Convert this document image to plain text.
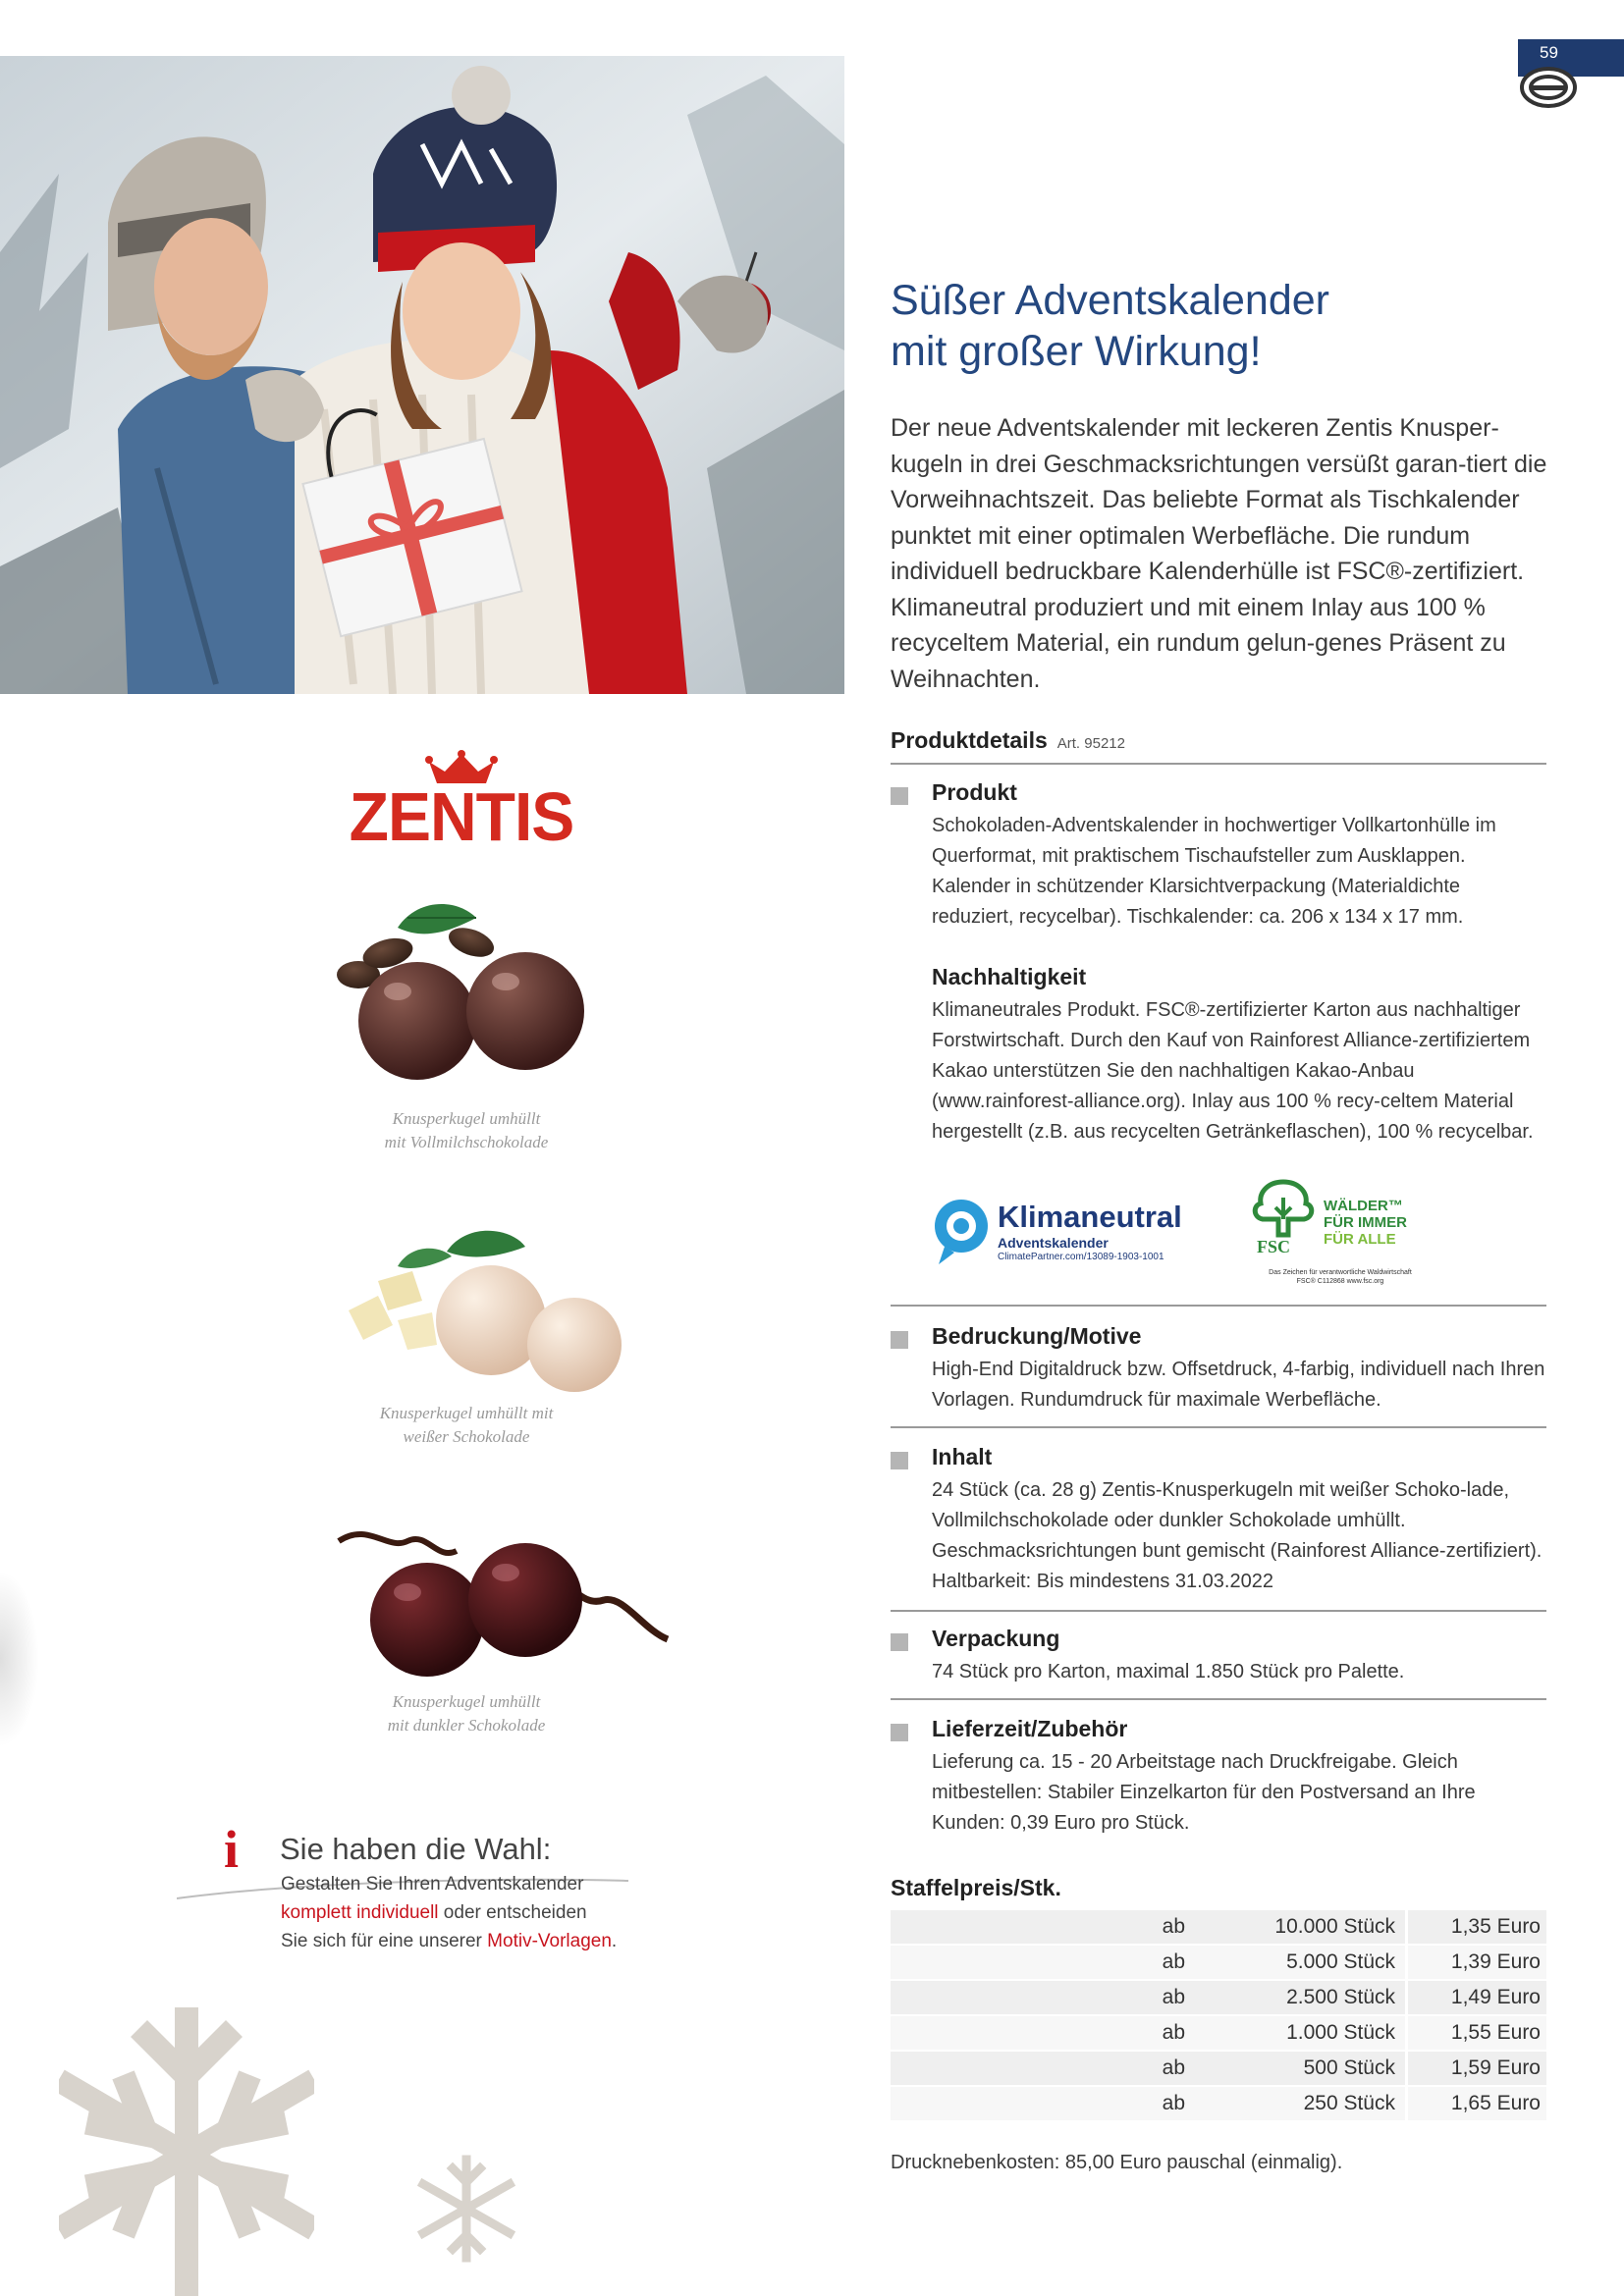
59
Süßer Adventskalender
mit großer Wirkung!

Der neue Adventskalender mit leckeren Zentis Knusper-kugeln in drei Geschmacksrichtungen versüßt garan-tiert die Vorweihnachtszeit. Das beliebte Format als Tischkalender punktet mit einer optimalen Werbefläche. Die rundum individuell bedruckbare Kalenderhülle ist FSC®-zertifiziert. Klimaneutral produziert und mit einem Inlay aus 100 % recyceltem Material, ein rundum gelun-genes Präsent zu Weihnachten.

Produktdetails Art. 95212
Produkt
Schokoladen-Adventskalender in hochwertiger Vollkartonhülle im Querformat, mit praktischem Tischaufsteller zum Ausklappen. Kalender in schützender Klarsichtverpackung (Materialdichte reduziert, recycelbar). Tischkalender: ca. 206 x 134 x 17 mm.
Nachhaltigkeit
Klimaneutrales Produkt. FSC®-zertifizierter Karton aus nachhaltiger Forstwirtschaft. Durch den Kauf von Rainforest Alliance-zertifiziertem Kakao unterstützen Sie den nachhaltigen Kakao-Anbau (www.rainforest-alliance.org). Inlay aus 100 % recy-celtem Material hergestellt (z.B. aus recycelten Getränkeflaschen), 100 % recycelbar.
Klimaneutral
Adventskalender
ClimatePartner.com/13089-1903-1001
WÄLDER™
FÜR IMMER
FÜR ALLE
FSC
Das Zeichen für verantwortliche Waldwirtschaft
FSC® C112868 www.fsc.org
Bedruckung/Motive
High-End Digitaldruck bzw. Offsetdruck, 4-farbig, individuell nach Ihren Vorlagen. Rundumdruck für maximale Werbefläche.
Inhalt
24 Stück (ca. 28 g) Zentis-Knusperkugeln mit weißer Schoko-lade, Vollmilchschokolade oder dunkler Schokolade umhüllt. Geschmacksrichtungen bunt gemischt (Rainforest Alliance-zertifiziert). Haltbarkeit: Bis mindestens 31.03.2022
Verpackung
74 Stück pro Karton, maximal 1.850 Stück pro Palette.
Lieferzeit/Zubehör
Lieferung ca. 15 - 20 Arbeitstage nach Druckfreigabe. Gleich mitbestellen: Stabiler Einzelkarton für den Postversand an Ihre Kunden: 0,39 Euro pro Stück.
Staffelpreis/Stk.
ab	10.000 Stück	1,35 Euro
ab	5.000 Stück	1,39 Euro
ab	2.500 Stück	1,49 Euro
ab	1.000 Stück	1,55 Euro
ab	500 Stück	1,59 Euro
ab	250 Stück	1,65 Euro
Drucknebenkosten: 85,00 Euro pauschal (einmalig).
ZENTIS
Knusperkugel umhüllt
mit Vollmilchschokolade
Knusperkugel umhüllt mit
weißer Schokolade
Knusperkugel umhüllt
mit dunkler Schokolade
i Sie haben die Wahl:
Gestalten Sie Ihren Adventskalender
komplett individuell oder entscheiden
Sie sich für eine unserer Motiv-Vorlagen.
